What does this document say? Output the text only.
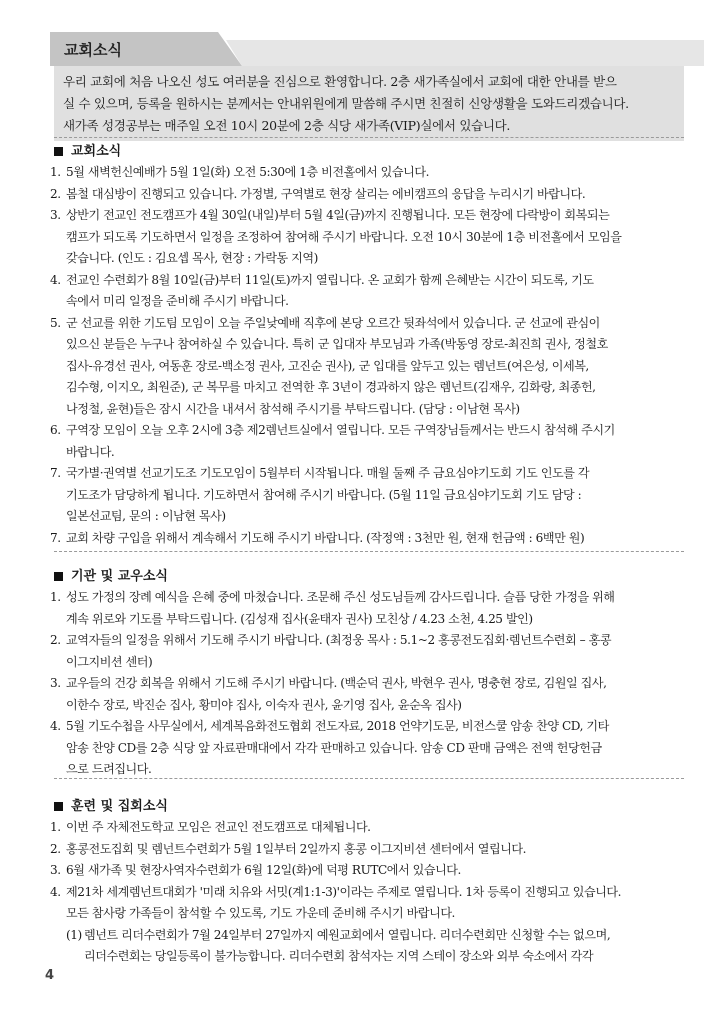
교회소식
우리 교회에 처음 나오신 성도 여러분을 진심으로 환영합니다. 2층 새가족실에서 교회에 대한 안내를 받으
실 수 있으며, 등록을 원하시는 분께서는 안내위원에게 말씀해 주시면 친절히 신앙생활을 도와드리겠습니다.
새가족 성경공부는 매주일 오전 10시 20분에 2층 식당 새가족(VIP)실에서 있습니다.
교회소식
1. 5월 새벽헌신예배가 5월 1일(화) 오전 5:30에 1층 비전홀에서 있습니다.
2. 봄철 대심방이 진행되고 있습니다. 가정별, 구역별로 현장 살리는 에비캠프의 응답을 누리시기 바랍니다.
3. 상반기 전교인 전도캠프가 4월 30일(내일)부터 5월 4일(금)까지 진행됩니다. 모든 현장에 다락방이 회복되는
캠프가 되도록 기도하면서 일정을 조정하여 참여해 주시기 바랍니다. 오전 10시 30분에 1층 비전홀에서 모임을
갖습니다. (인도 : 김요셉 목사, 현장 : 가락동 지역)
4. 전교인 수련회가 8월 10일(금)부터 11일(토)까지 열립니다. 온 교회가 함께 은혜받는 시간이 되도록, 기도
속에서 미리 일정을 준비해 주시기 바랍니다.
5. 군 선교를 위한 기도팀 모임이 오늘 주일낮예배 직후에 본당 오르간 뒷좌석에서 있습니다. 군 선교에 관심이
있으신 분들은 누구나 참여하실 수 있습니다. 특히 군 입대자 부모님과 가족(박동영 장로-최진희 권사, 정철호
집사-유경선 권사, 여동훈 장로-백소정 권사, 고진순 권사), 군 입대를 앞두고 있는 렘넌트(여은성, 이세복,
김수형, 이지오, 최원준), 군 복무를 마치고 전역한 후 3년이 경과하지 않은 렘넌트(김재우, 김화랑, 최종헌,
나정철, 윤현)들은 잠시 시간을 내셔서 참석해 주시기를 부탁드립니다. (담당 : 이남현 목사)
6. 구역장 모임이 오늘 오후 2시에 3층 제2렘넌트실에서 열립니다. 모든 구역장님들께서는 반드시 참석해 주시기
바랍니다.
7. 국가별·권역별 선교기도조 기도모임이 5월부터 시작됩니다. 매월 둘째 주 금요심야기도회 기도 인도를 각
기도조가 담당하게 됩니다. 기도하면서 참여해 주시기 바랍니다. (5월 11일 금요심야기도회 기도 담당 :
일본선교팀, 문의 : 이남현 목사)
7. 교회 차량 구입을 위해서 계속해서 기도해 주시기 바랍니다. (작정액 : 3천만 원, 현재 헌금액 : 6백만 원)
기관 및 교우소식
1. 성도 가정의 장례 예식을 은혜 중에 마쳤습니다. 조문해 주신 성도님들께 감사드립니다. 슬픔 당한 가정을 위해
계속 위로와 기도를 부탁드립니다. (김성재 집사(윤태자 권사) 모친상 / 4.23 소천, 4.25 발인)
2. 교역자들의 일정을 위해서 기도해 주시기 바랍니다. (최정웅 목사 : 5.1~2 홍콩전도집회·렘넌트수련회 – 홍콩
이그지비션 센터)
3. 교우들의 건강 회복을 위해서 기도해 주시기 바랍니다. (백순덕 권사, 박현우 권사, 명충현 장로, 김원일 집사,
이한수 장로, 박진순 집사, 황미야 집사, 이숙자 권사, 윤기영 집사, 윤순옥 집사)
4. 5월 기도수첩을 사무실에서, 세계복음화전도협회 전도자료, 2018 언약기도문, 비전스쿨 암송 찬양 CD, 기타
암송 찬양 CD를 2층 식당 앞 자료판매대에서 각각 판매하고 있습니다. 암송 CD 판매 금액은 전액 헌당헌금
으로 드려집니다.
훈련 및 집회소식
1. 이번 주 자체전도학교 모임은 전교인 전도캠프로 대체됩니다.
2. 홍콩전도집회 및 렘넌트수련회가 5월 1일부터 2일까지 홍콩 이그지비션 센터에서 열립니다.
3. 6월 새가족 및 현장사역자수련회가 6월 12일(화)에 덕평 RUTC에서 있습니다.
4. 제21차 세계렘넌트대회가 '미래 치유와 서밋(계1:1-3)'이라는 주제로 열립니다. 1차 등록이 진행되고 있습니다.
모든 참사랑 가족들이 참석할 수 있도록, 기도 가운데 준비해 주시기 바랍니다.
(1) 렘넌트 리더수련회가 7월 24일부터 27일까지 예원교회에서 열립니다. 리더수련회만 신청할 수는 없으며,
리더수련회는 당일등록이 불가능합니다. 리더수련회 참석자는 지역 스테이 장소와 외부 숙소에서 각각
4
